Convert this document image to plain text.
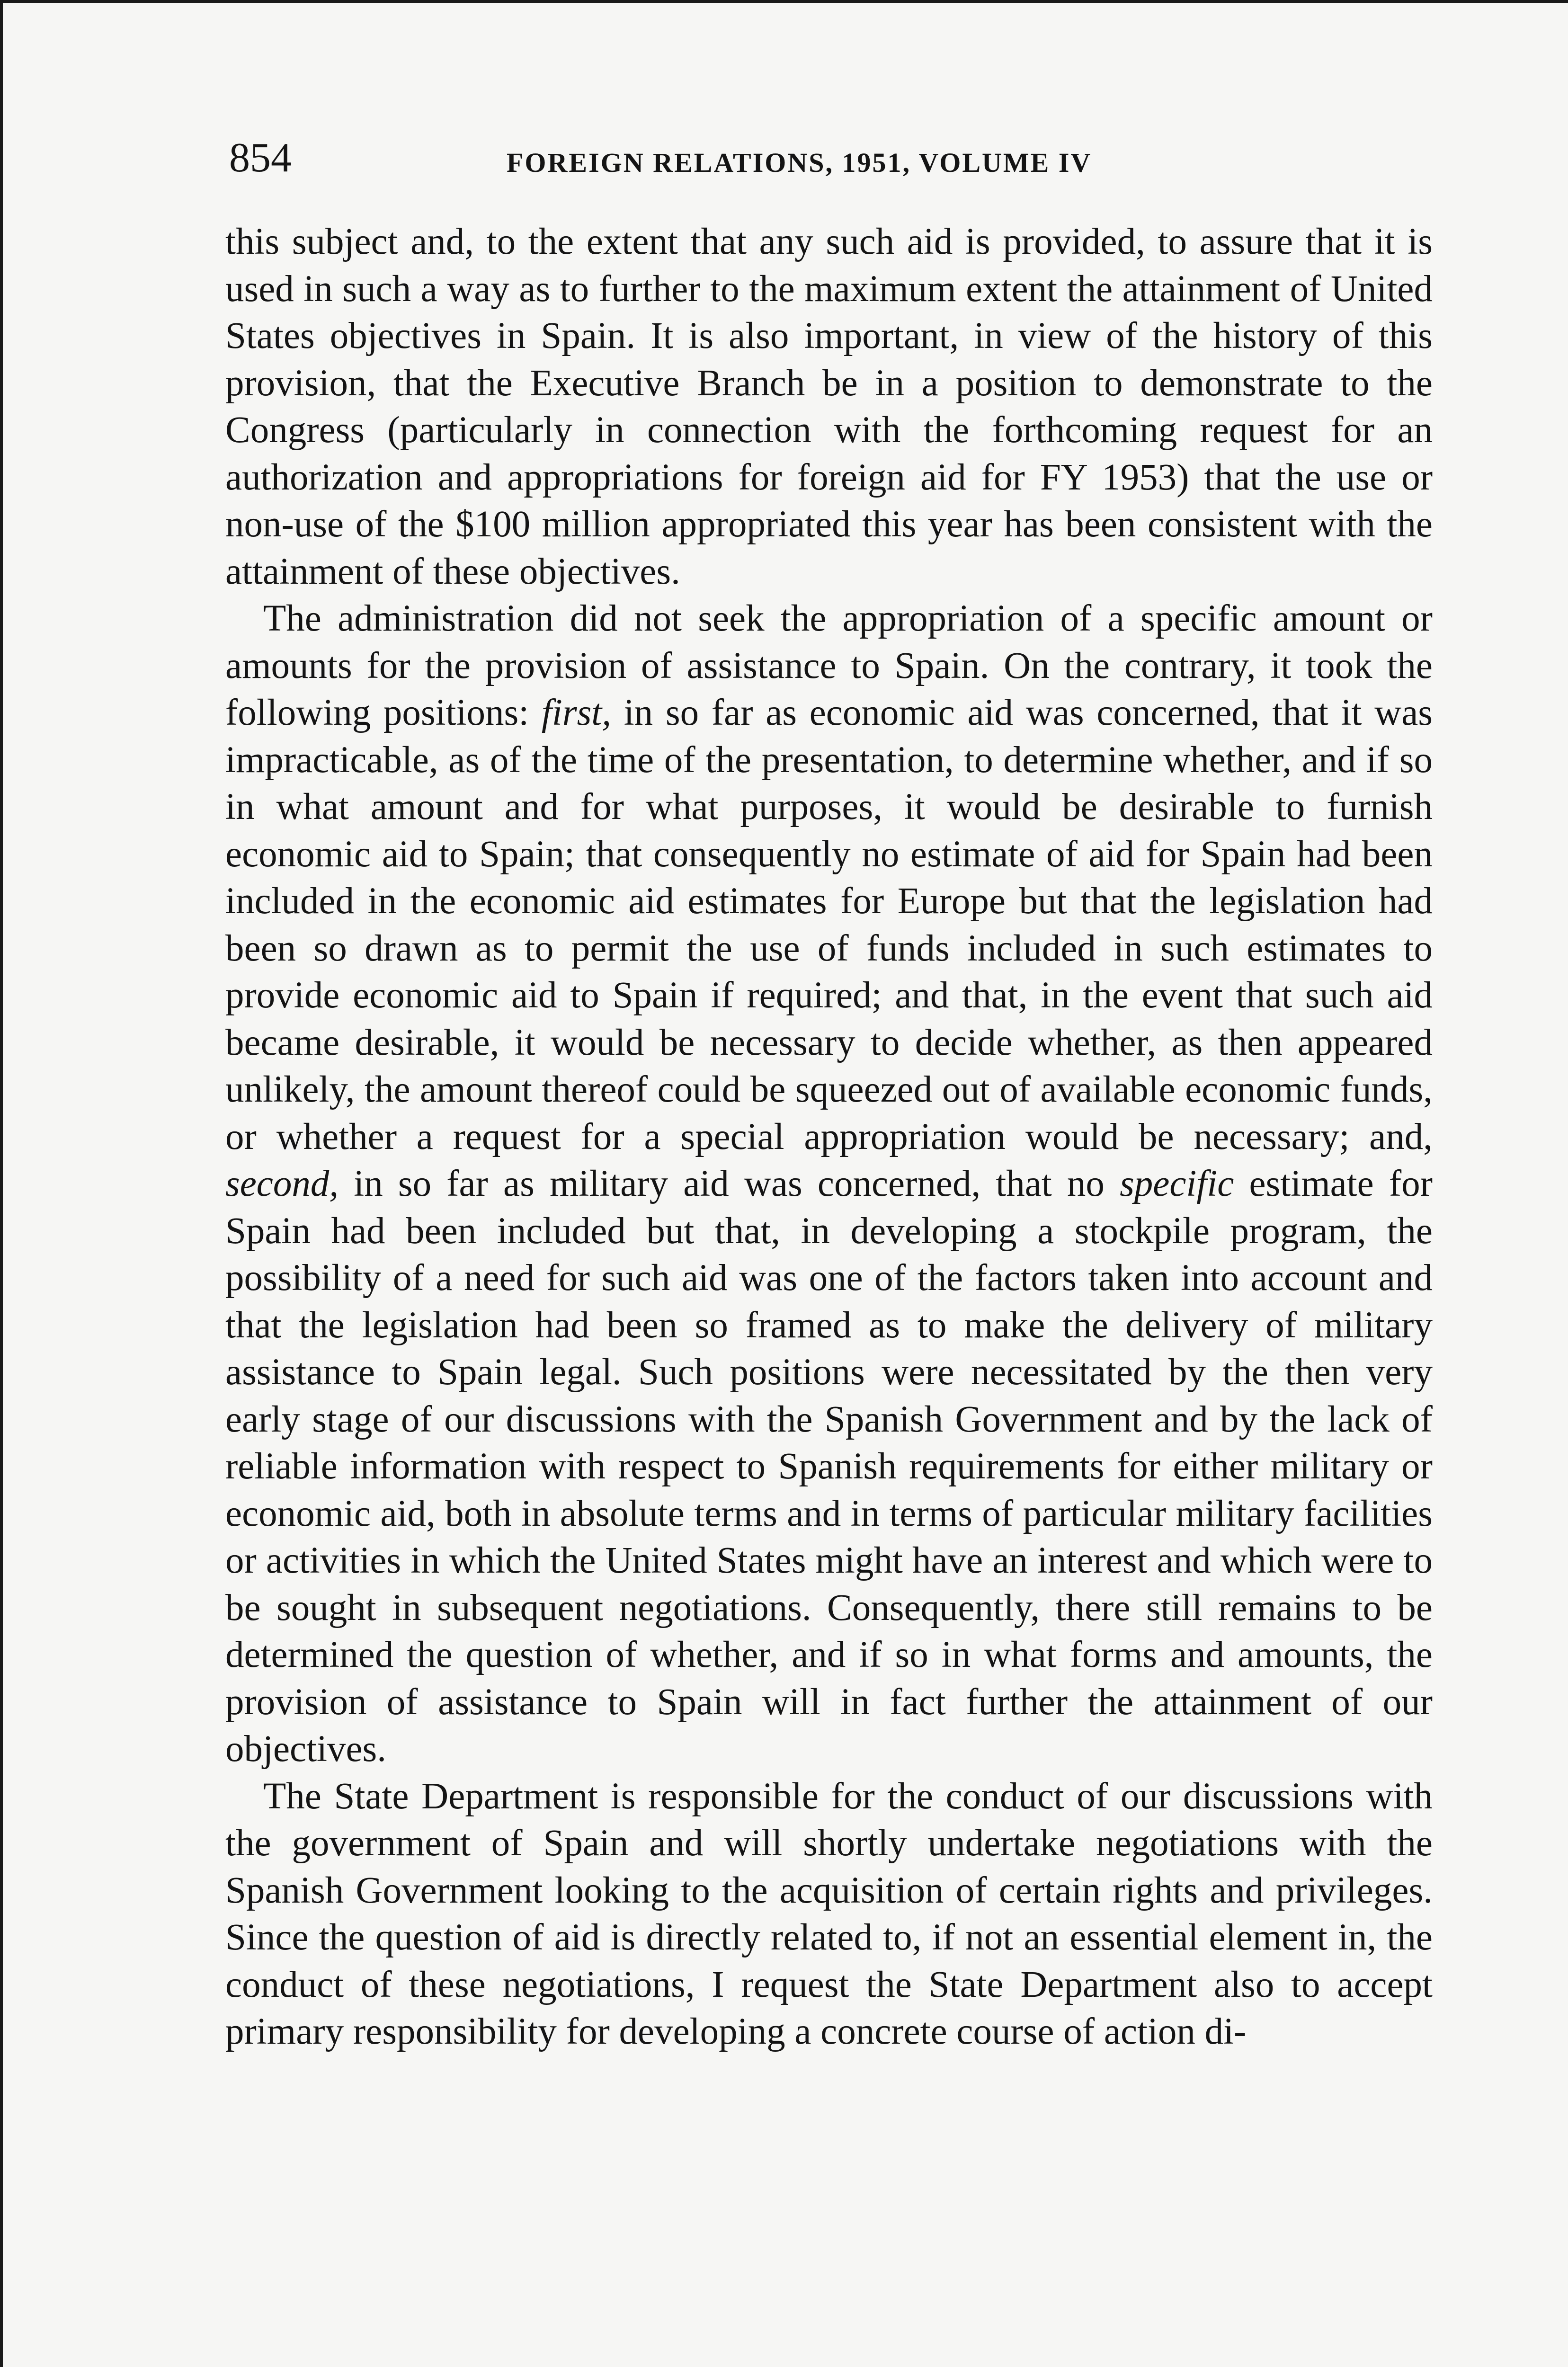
854	FOREIGN RELATIONS, 1951, VOLUME IV

this subject and, to the extent that any such aid is provided, to assure that it is used in such a way as to further to the maximum extent the attainment of United States objectives in Spain. It is also important, in view of the history of this provision, that the Executive Branch be in a position to demonstrate to the Congress (particularly in connection with the forthcoming request for an authorization and appropriations for foreign aid for FY 1953) that the use or non-use of the $100 million appropriated this year has been consistent with the attainment of these objectives.

The administration did not seek the appropriation of a specific amount or amounts for the provision of assistance to Spain. On the contrary, it took the following positions: first, in so far as economic aid was concerned, that it was impracticable, as of the time of the presentation, to determine whether, and if so in what amount and for what purposes, it would be desirable to furnish economic aid to Spain; that consequently no estimate of aid for Spain had been included in the economic aid estimates for Europe but that the legislation had been so drawn as to permit the use of funds included in such estimates to provide economic aid to Spain if required; and that, in the event that such aid became desirable, it would be necessary to decide whether, as then appeared unlikely, the amount thereof could be squeezed out of available economic funds, or whether a request for a special appropriation would be necessary; and, second, in so far as military aid was concerned, that no specific estimate for Spain had been included but that, in developing a stockpile program, the possibility of a need for such aid was one of the factors taken into account and that the legislation had been so framed as to make the delivery of military assistance to Spain legal. Such positions were necessitated by the then very early stage of our discussions with the Spanish Government and by the lack of reliable information with respect to Spanish requirements for either military or economic aid, both in absolute terms and in terms of particular military facilities or activities in which the United States might have an interest and which were to be sought in subsequent negotiations. Consequently, there still remains to be determined the question of whether, and if so in what forms and amounts, the provision of assistance to Spain will in fact further the attainment of our objectives.

The State Department is responsible for the conduct of our discussions with the government of Spain and will shortly undertake negotiations with the Spanish Government looking to the acquisition of certain rights and privileges. Since the question of aid is directly related to, if not an essential element in, the conduct of these negotiations, I request the State Department also to accept primary responsibility for developing a concrete course of action di-
